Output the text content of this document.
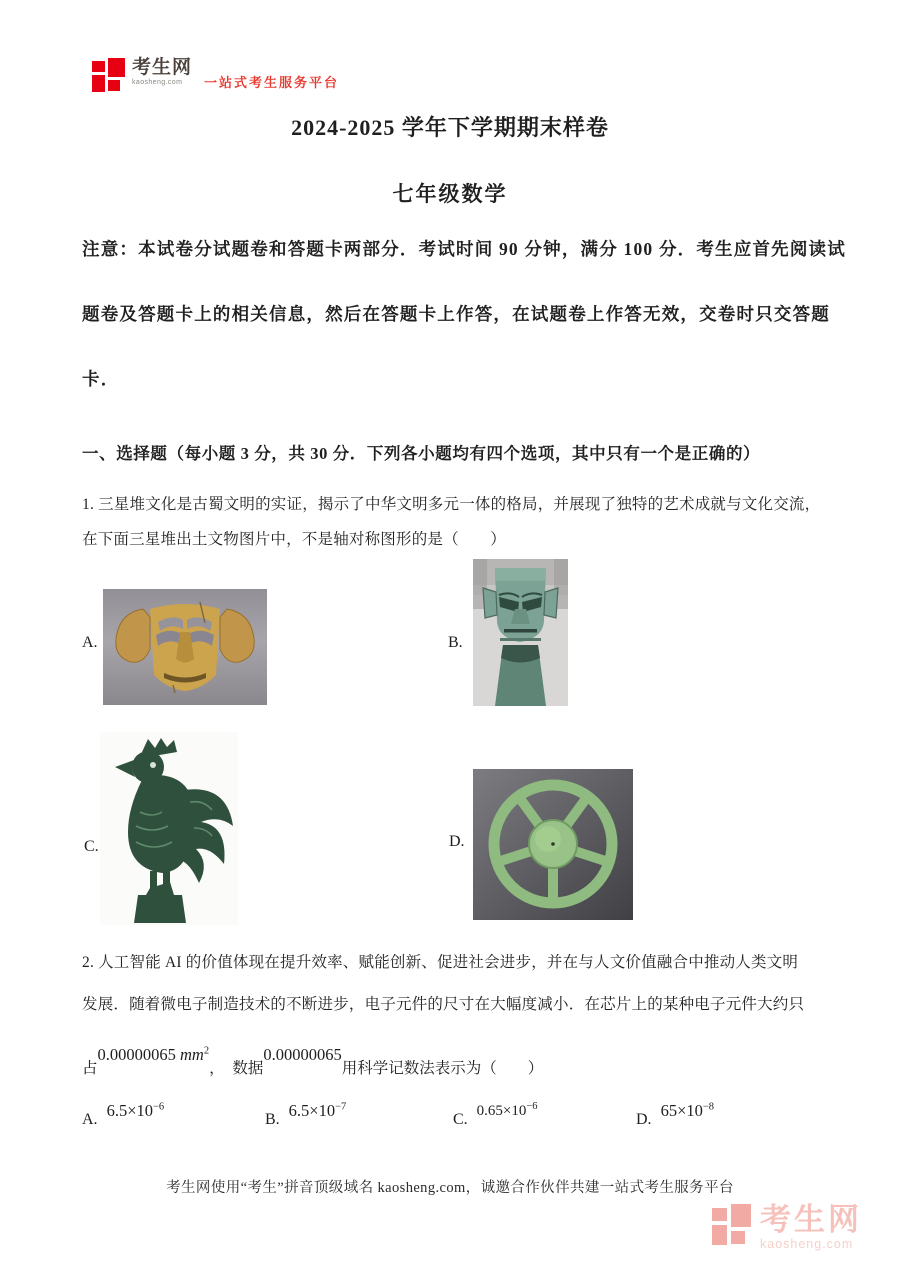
考生网
kaosheng.com	一站式考生服务平台
2024-2025 学年下学期期末样卷
七年级数学
注意：本试卷分试题卷和答题卡两部分．考试时间 90 分钟，满分 100 分．考生应首先阅读试
题卷及答题卡上的相关信息，然后在答题卡上作答，在试题卷上作答无效，交卷时只交答题
卡．
一、选择题（每小题 3 分，共 30 分．下列各小题均有四个选项，其中只有一个是正确的）
1. 三星堆文化是古蜀文明的实证，揭示了中华文明多元一体的格局，并展现了独特的艺术成就与文化交流，
在下面三星堆出土文物图片中，不是轴对称图形的是（　　）
A.	B.
C.	D.
2. 人工智能 AI 的价值体现在提升效率、赋能创新、促进社会进步，并在与人文价值融合中推动人类文明
发展．随着微电子制造技术的不断进步，电子元件的尺寸在大幅度减小．在芯片上的某种电子元件大约只
占
0.00000065 $mm^2$
，  数据
0.00000065
用科学记数法表示为（　　）
A. $6.5\times 10^{-6}$
B. $6.5\times 10^{-7}$
C. $0.65\times 10^{-6}$
D. $65\times 10^{-8}$
考生网使用“考生”拼音顶级域名 kaosheng.com，诚邀合作伙伴共建一站式考生服务平台
考生网
kaosheng.com
